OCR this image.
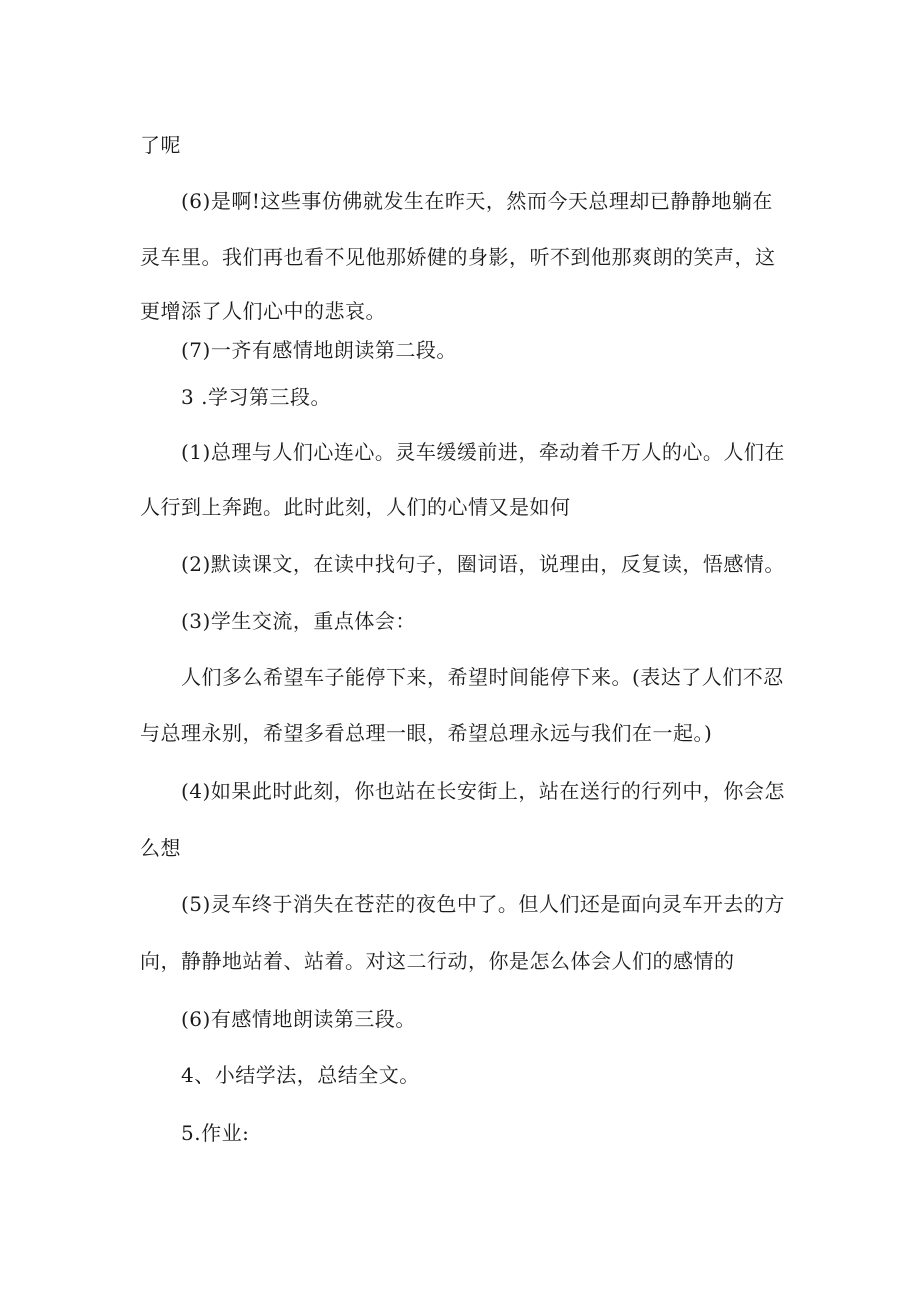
了呢
(6)是啊!这些事仿佛就发生在昨天，然而今天总理却已静静地躺在
灵车里。我们再也看不见他那娇健的身影，听不到他那爽朗的笑声，这
更增添了人们心中的悲哀。
(7)一齐有感情地朗读第二段。
3 .学习第三段。
(1)总理与人们心连心。灵车缓缓前进，牵动着千万人的心。人们在
人行到上奔跑。此时此刻，人们的心情又是如何
(2)默读课文，在读中找句子，圈词语，说理由，反复读，悟感情。
(3)学生交流，重点体会：
人们多么希望车子能停下来，希望时间能停下来。(表达了人们不忍
与总理永别，希望多看总理一眼，希望总理永远与我们在一起。)
(4)如果此时此刻，你也站在长安街上，站在送行的行列中，你会怎
么想
(5)灵车终于消失在苍茫的夜色中了。但人们还是面向灵车开去的方
向，静静地站着、站着。对这二行动，你是怎么体会人们的感情的
(6)有感情地朗读第三段。
4、小结学法，总结全文。
5.作业:
